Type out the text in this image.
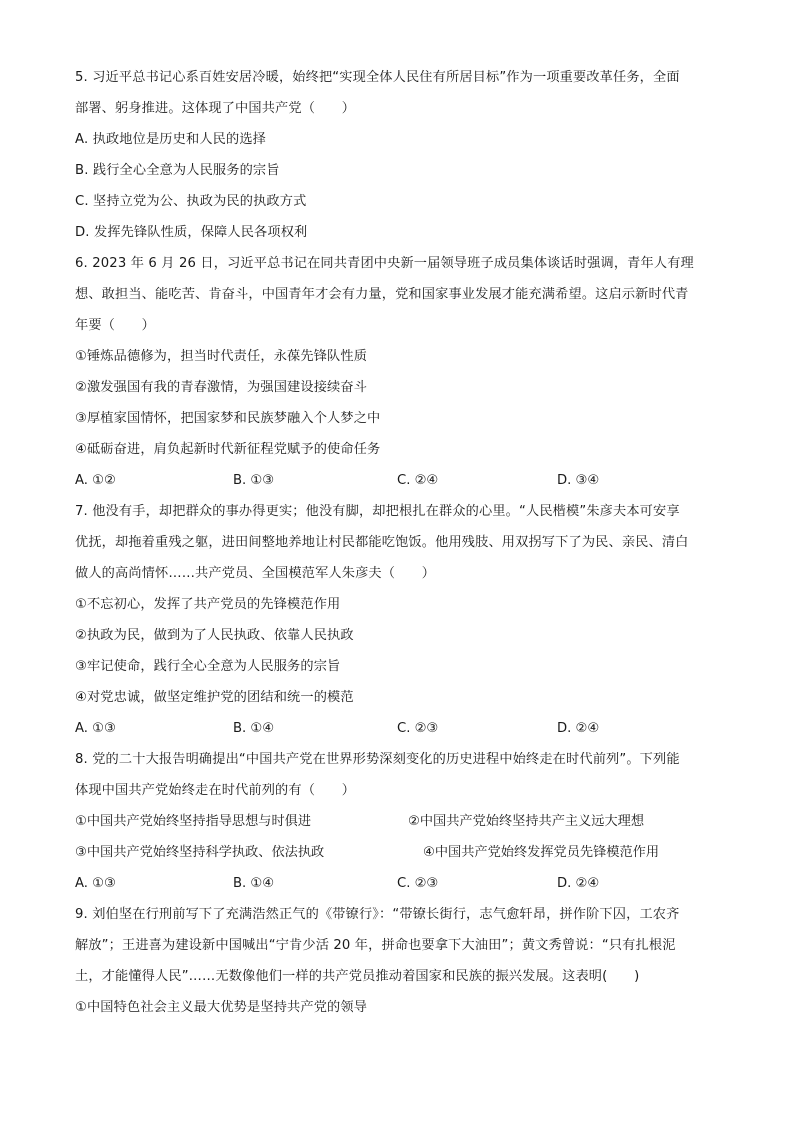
5. 习近平总书记心系百姓安居冷暖，始终把“实现全体人民住有所居目标”作为一项重要改革任务，全面
部署、躬身推进。这体现了中国共产党（　　）
A. 执政地位是历史和人民的选择
B. 践行全心全意为人民服务的宗旨
C. 坚持立党为公、执政为民的执政方式
D. 发挥先锋队性质，保障人民各项权利
6. 2023 年 6 月 26 日，习近平总书记在同共青团中央新一届领导班子成员集体谈话时强调，青年人有理
想、敢担当、能吃苦、肯奋斗，中国青年才会有力量，党和国家事业发展才能充满希望。这启示新时代青
年要（　　）
①锤炼品德修为，担当时代责任，永葆先锋队性质
②激发强国有我的青春激情，为强国建设接续奋斗
③厚植家国情怀，把国家梦和民族梦融入个人梦之中
④砥砺奋进，肩负起新时代新征程党赋予的使命任务
A. ①②	B. ①③	C. ②④	D. ③④
7. 他没有手，却把群众的事办得更实；他没有脚，却把根扎在群众的心里。“人民楷模”朱彦夫本可安享
优抚，却拖着重残之躯，进田间整地养地让村民都能吃饱饭。他用残肢、用双拐写下了为民、亲民、清白
做人的高尚情怀……共产党员、全国模范军人朱彦夫（　　）
①不忘初心，发挥了共产党员的先锋模范作用
②执政为民，做到为了人民执政、依靠人民执政
③牢记使命，践行全心全意为人民服务的宗旨
④对党忠诚，做坚定维护党的团结和统一的模范
A. ①③	B. ①④	C. ②③	D. ②④
8. 党的二十大报告明确提出“中国共产党在世界形势深刻变化的历史进程中始终走在时代前列”。下列能
体现中国共产党始终走在时代前列的有（　　）
①中国共产党始终坚持指导思想与时俱进	②中国共产党始终坚持共产主义远大理想
③中国共产党始终坚持科学执政、依法执政	④中国共产党始终发挥党员先锋模范作用
A. ①③	B. ①④	C. ②③	D. ②④
9. 刘伯坚在行刑前写下了充满浩然正气的《带镣行》：“带镣长街行，志气愈轩昂，拼作阶下囚，工农齐
解放”；王进喜为建设新中国喊出“宁肯少活 20 年，拼命也要拿下大油田”；黄文秀曾说：“只有扎根泥
土，才能懂得人民”……无数像他们一样的共产党员推动着国家和民族的振兴发展。这表明(　　)
①中国特色社会主义最大优势是坚持共产党的领导
